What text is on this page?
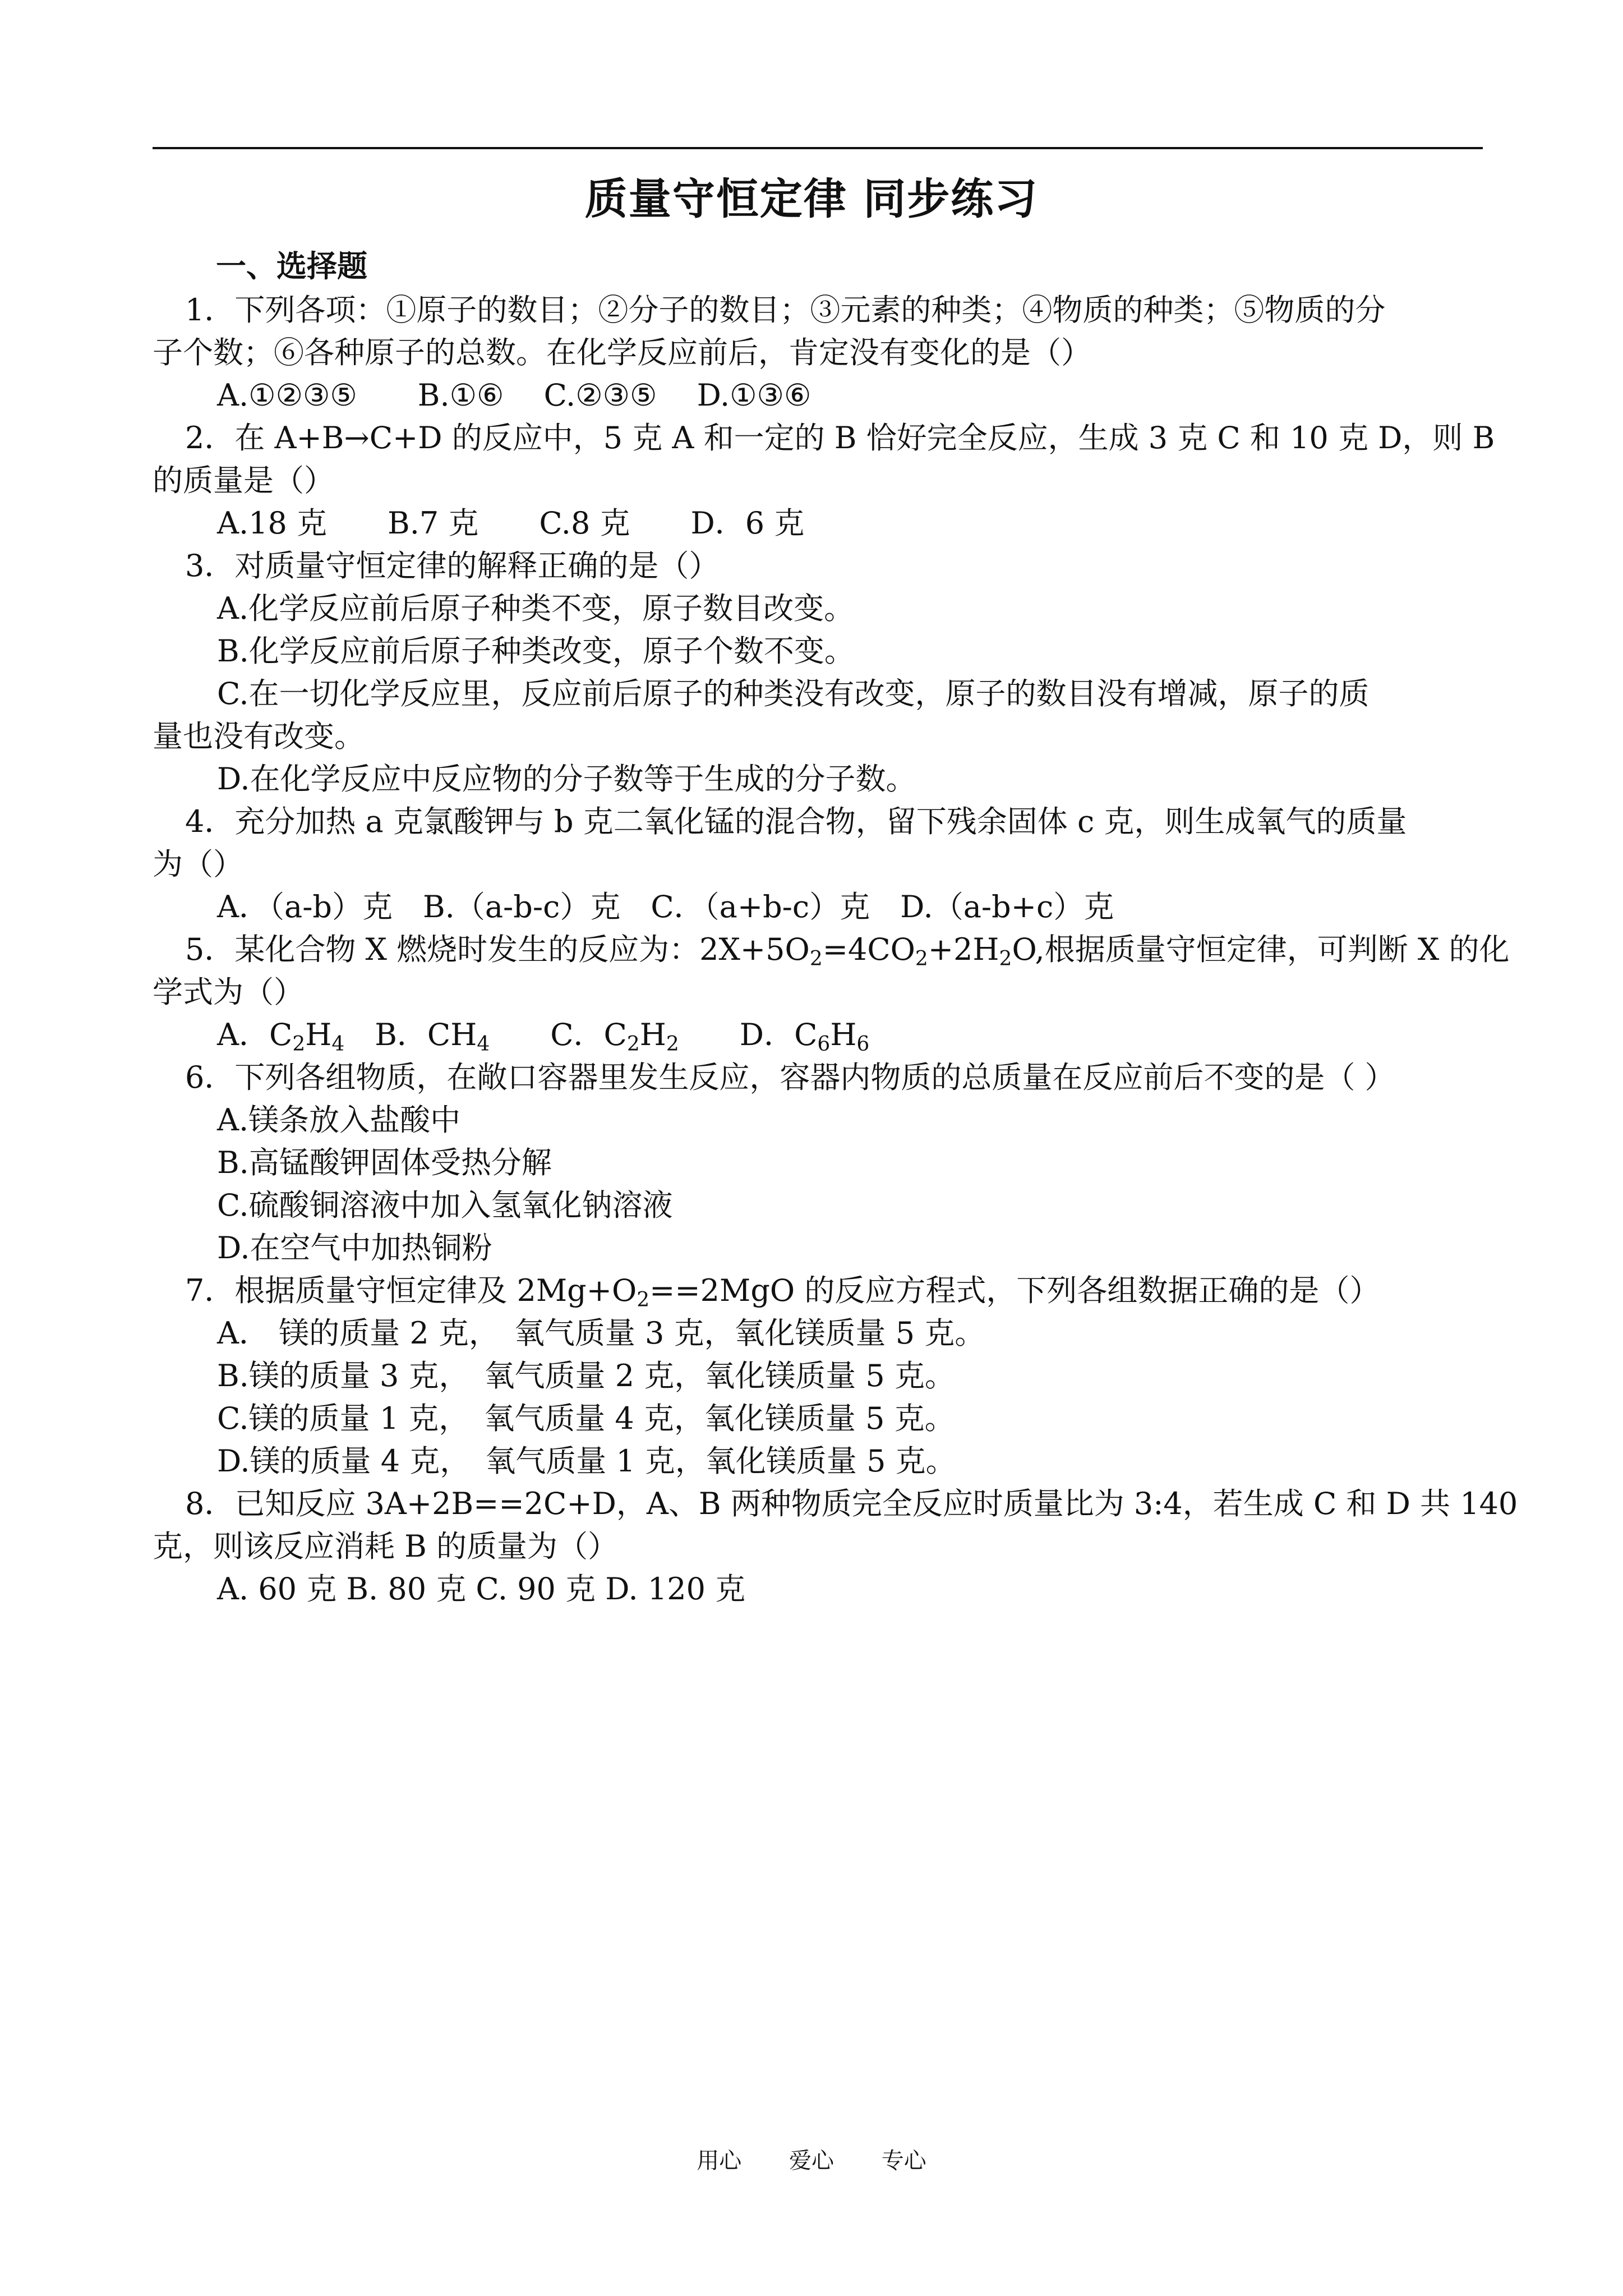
质量守恒定律 同步练习
一、选择题
1．下列各项：①原子的数目；②分子的数目；③元素的种类；④物质的种类；⑤物质的分
子个数；⑥各种原子的总数。在化学反应前后，肯定没有变化的是（）
A.①②③⑤　　B.①⑥　 C.②③⑤　 D.①③⑥
2．在 A+B→C+D 的反应中，5 克 A 和一定的 B 恰好完全反应，生成 3 克 C 和 10 克 D，则 B
的质量是（）
A.18 克　　B.7 克　　C.8 克　　D．6 克
3．对质量守恒定律的解释正确的是（）
A.化学反应前后原子种类不变，原子数目改变。
B.化学反应前后原子种类改变，原子个数不变。
C.在一切化学反应里，反应前后原子的种类没有改变，原子的数目没有增减，原子的质
量也没有改变。
D.在化学反应中反应物的分子数等于生成的分子数。
4．充分加热 a 克氯酸钾与 b 克二氧化锰的混合物，留下残余固体 c 克，则生成氧气的质量
为（）
A．（a-b）克　B.（a-b-c）克　C．（a+b-c）克　D.（a-b+c）克
5．某化合物 X 燃烧时发生的反应为：$2X+5O_2=4CO_2+2H_2O$,根据质量守恒定律，可判断 X 的化
学式为（）
A．$C_2H_4$　B．$CH_4$　　C．$C_2H_2$　　D．$C_6H_6$
6．下列各组物质，在敞口容器里发生反应，容器内物质的总质量在反应前后不变的是（ ）
A.镁条放入盐酸中
B.高锰酸钾固体受热分解
C.硫酸铜溶液中加入氢氧化钠溶液
D.在空气中加热铜粉
7．根据质量守恒定律及 $2Mg+O_2==2MgO$ 的反应方程式，下列各组数据正确的是（）
A． 镁的质量 2 克，　氧气质量 3 克，氧化镁质量 5 克。
B.镁的质量 3 克，　氧气质量 2 克，氧化镁质量 5 克。
C.镁的质量 1 克，　氧气质量 4 克，氧化镁质量 5 克。
D.镁的质量 4 克，　氧气质量 1 克，氧化镁质量 5 克。
8．已知反应 3A+2B==2C+D，A、B 两种物质完全反应时质量比为 3:4，若生成 C 和 D 共 140
克，则该反应消耗 B 的质量为（）
A. 60 克 B. 80 克 C. 90 克 D. 120 克
用心 爱心 专心
